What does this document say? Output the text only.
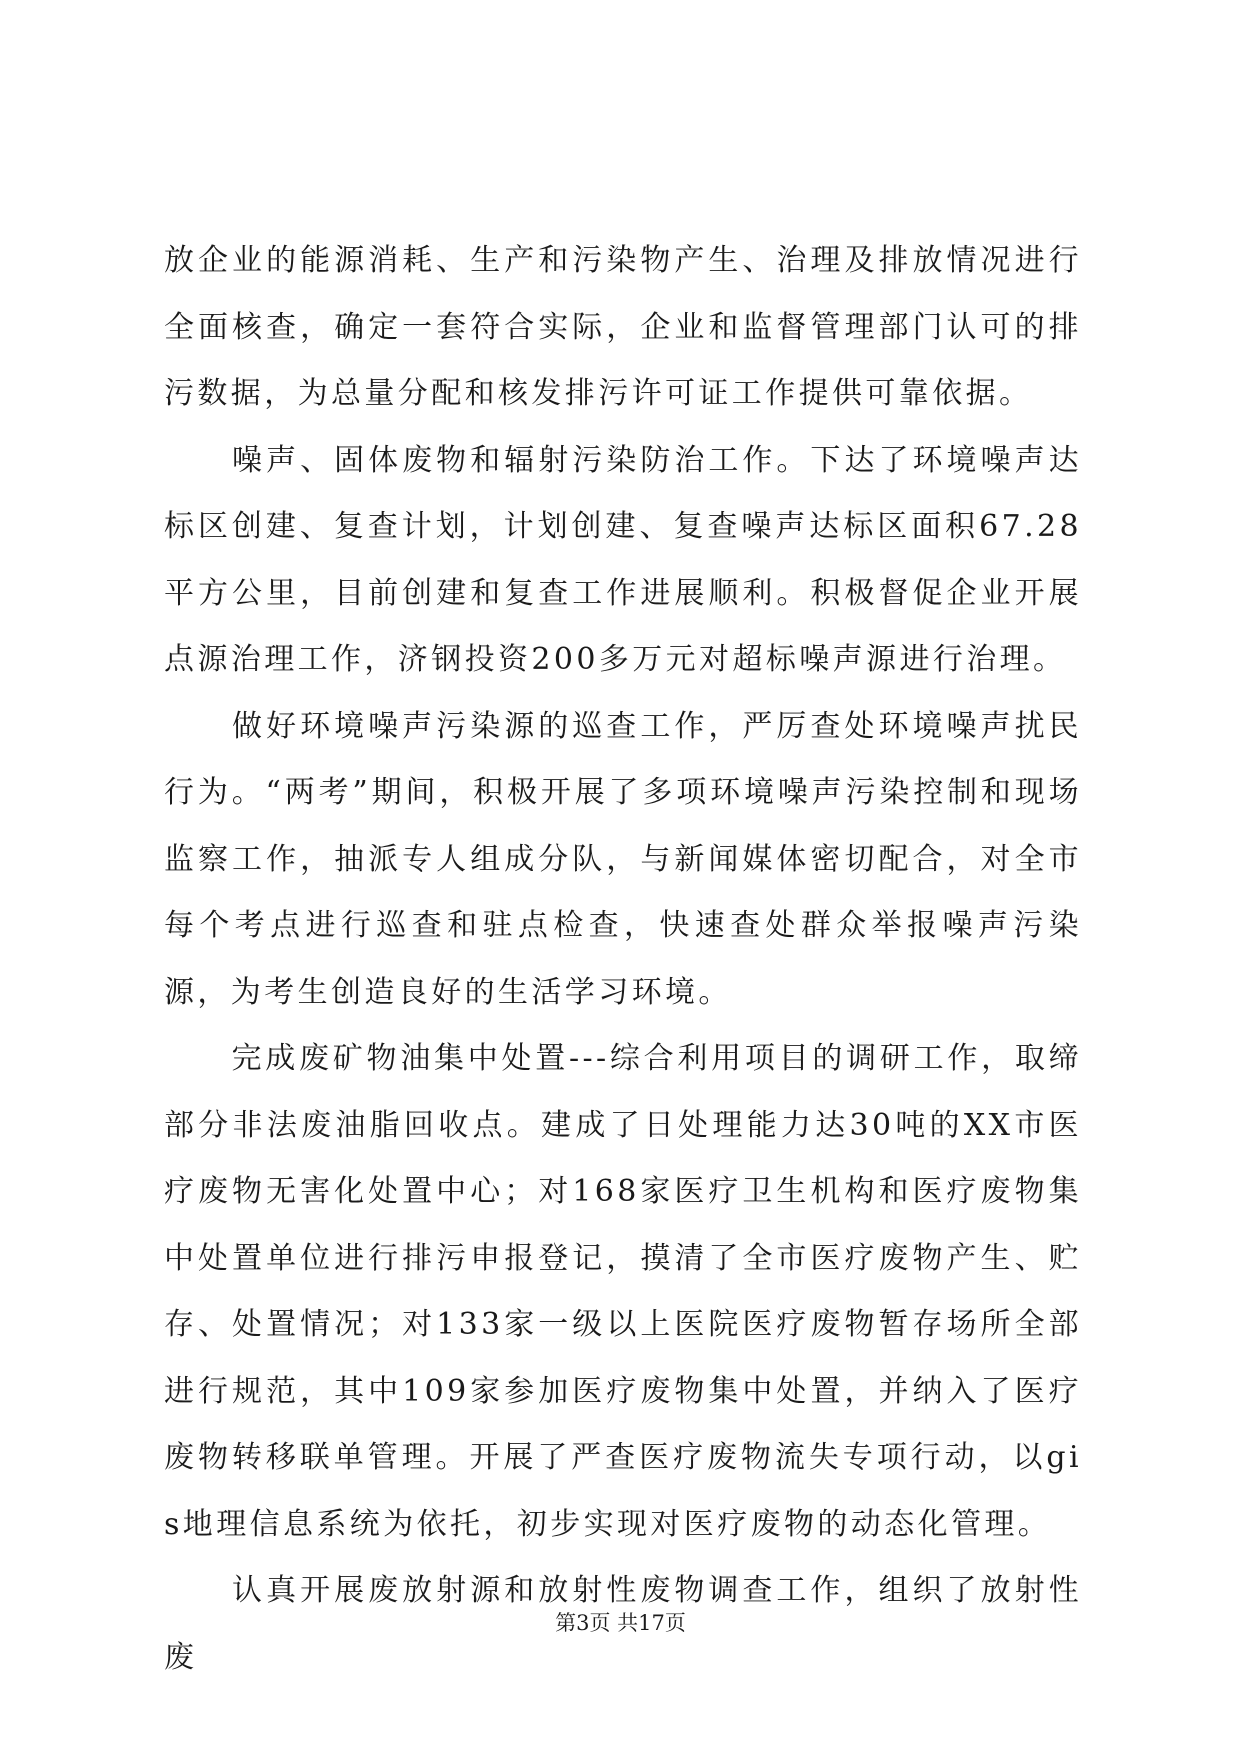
放企业的能源消耗、生产和污染物产生、治理及排放情况进行全面核查，确定一套符合实际，企业和监督管理部门认可的排污数据，为总量分配和核发排污许可证工作提供可靠依据。

　　噪声、固体废物和辐射污染防治工作。下达了环境噪声达标区创建、复查计划，计划创建、复查噪声达标区面积67.28平方公里，目前创建和复查工作进展顺利。积极督促企业开展点源治理工作，济钢投资200多万元对超标噪声源进行治理。

　　做好环境噪声污染源的巡查工作，严厉查处环境噪声扰民行为。“两考”期间，积极开展了多项环境噪声污染控制和现场监察工作，抽派专人组成分队，与新闻媒体密切配合，对全市每个考点进行巡查和驻点检查，快速查处群众举报噪声污染源，为考生创造良好的生活学习环境。

　　完成废矿物油集中处置---综合利用项目的调研工作，取缔部分非法废油脂回收点。建成了日处理能力达30吨的XX市医疗废物无害化处置中心；对168家医疗卫生机构和医疗废物集中处置单位进行排污申报登记，摸清了全市医疗废物产生、贮存、处置情况；对133家一级以上医院医疗废物暂存场所全部进行规范，其中109家参加医疗废物集中处置，并纳入了医疗废物转移联单管理。开展了严查医疗废物流失专项行动，以gis地理信息系统为依托，初步实现对医疗废物的动态化管理。

　　认真开展废放射源和放射性废物调查工作，组织了放射性废

第3页 共17页
